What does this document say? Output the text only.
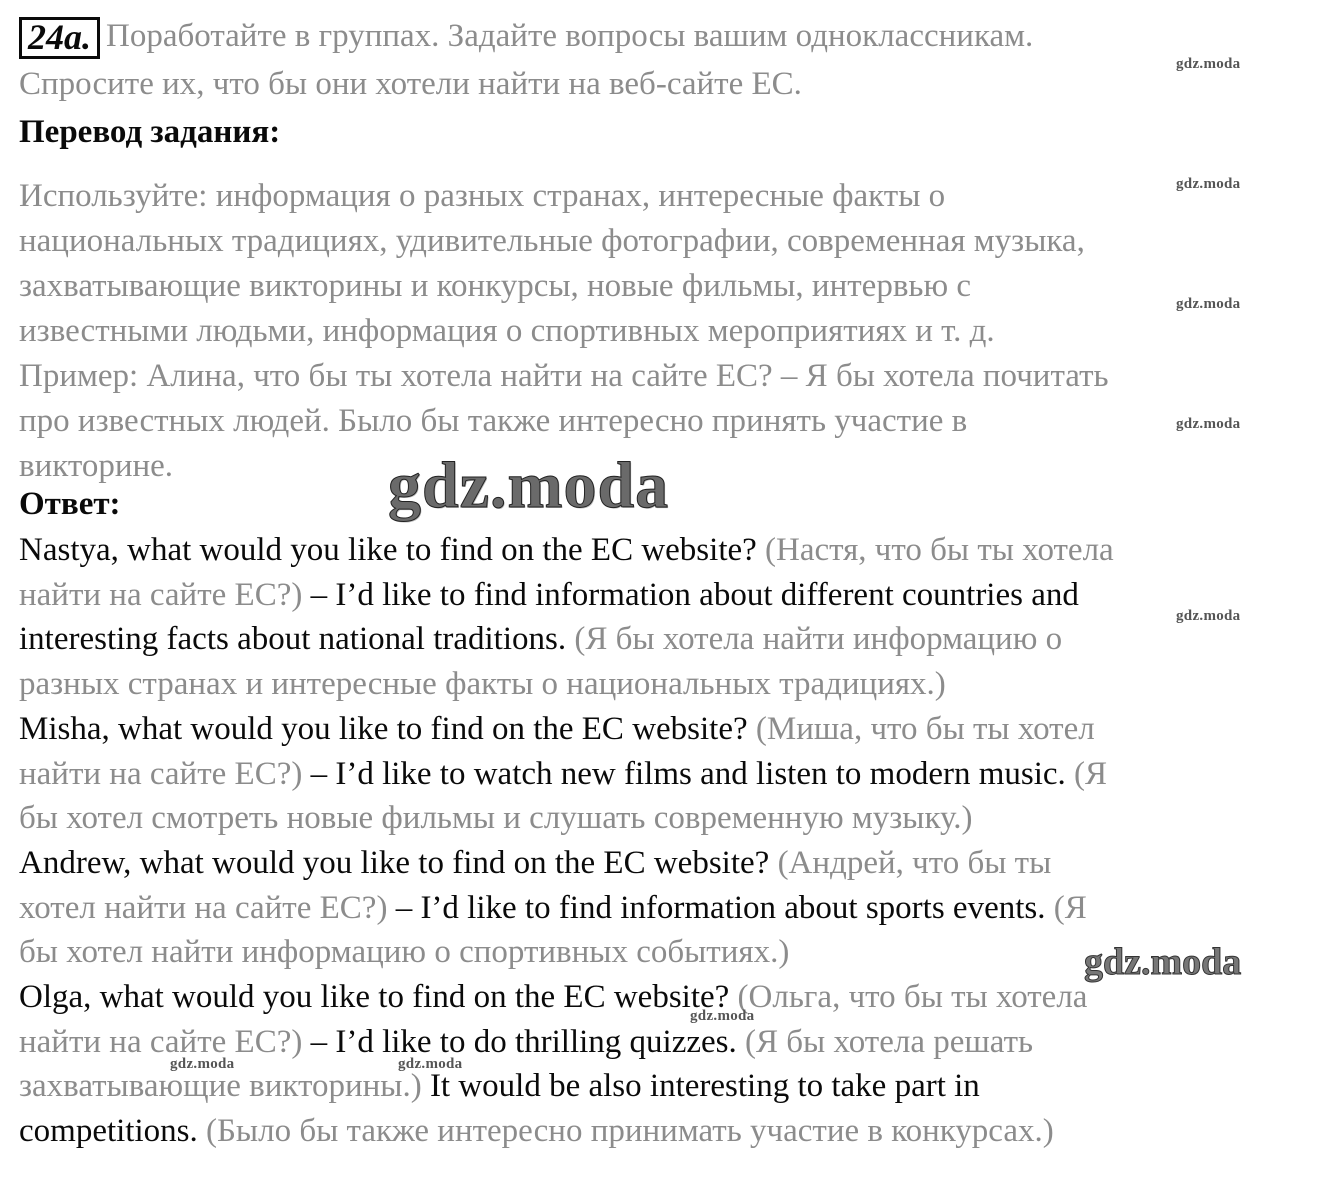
24a. Поработайте в группах. Задайте вопросы вашим одноклассникам.
Спросите их, что бы они хотели найти на веб-сайте ЕС.
Перевод задания:
Используйте: информация о разных странах, интересные факты о
национальных традициях, удивительные фотографии, современная музыка,
захватывающие викторины и конкурсы, новые фильмы, интервью с
известными людьми, информация о спортивных мероприятиях и т. д.
Пример: Алина, что бы ты хотела найти на сайте ЕС? – Я бы хотела почитать
про известных людей. Было бы также интересно принять участие в
викторине.
Ответ:
Nastya, what would you like to find on the EC website? (Настя, что бы ты хотела
найти на сайте ЕС?) – I’d like to find information about different countries and
interesting facts about national traditions. (Я бы хотела найти информацию о
разных странах и интересные факты о национальных традициях.)
Misha, what would you like to find on the EC website? (Миша, что бы ты хотел
найти на сайте ЕС?) – I’d like to watch new films and listen to modern music. (Я
бы хотел смотреть новые фильмы и слушать современную музыку.)
Andrew, what would you like to find on the EC website? (Андрей, что бы ты
хотел найти на сайте ЕС?) – I’d like to find information about sports events. (Я
бы хотел найти информацию о спортивных событиях.)
Olga, what would you like to find on the EC website? (Ольга, что бы ты хотела
найти на сайте ЕС?) – I’d like to do thrilling quizzes. (Я бы хотела решать
захватывающие викторины.) It would be also interesting to take part in
competitions. (Было бы также интересно принимать участие в конкурсах.)
gdz.moda
gdz.moda
gdz.moda
gdz.moda
gdz.moda
gdz.moda
gdz.moda	gdz.moda
gdz.moda
gdz.moda
